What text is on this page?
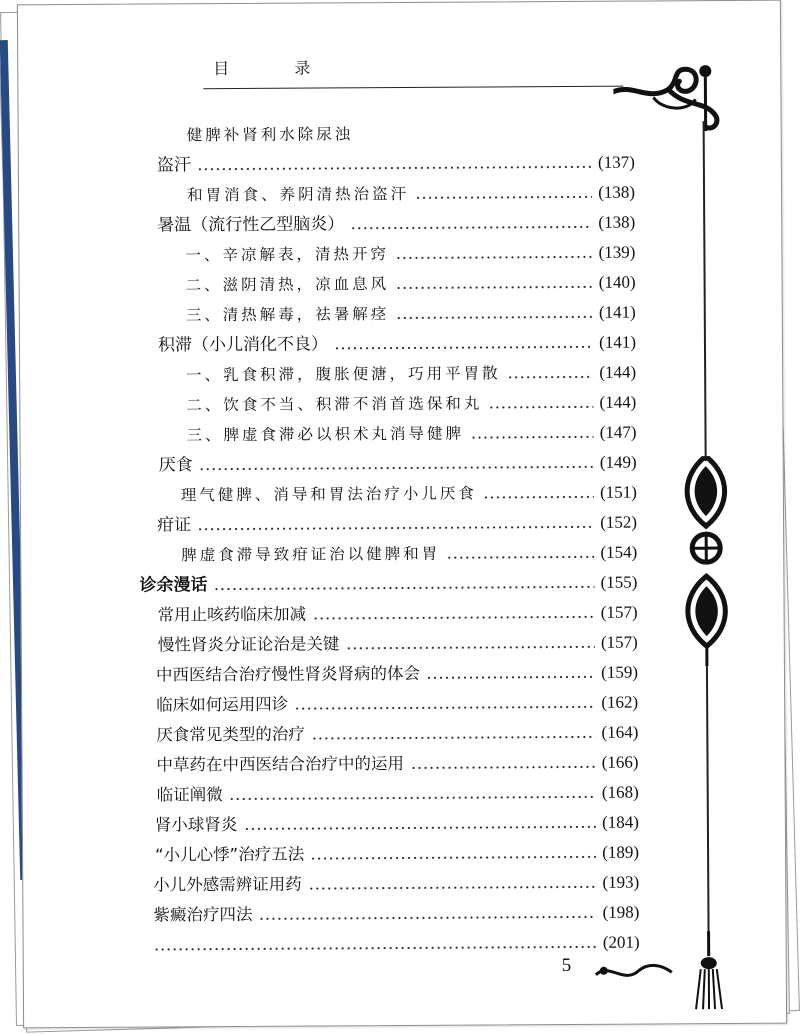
目 录
健脾补肾利水除尿浊
盗汗	(137)
和胃消食、养阴清热治盗汗	(138)
暑温（流行性乙型脑炎）	(138)
一、辛凉解表，清热开窍	(139)
二、滋阴清热，凉血息风	(140)
三、清热解毒，祛暑解痉	(141)
积滞（小儿消化不良）	(141)
一、乳食积滞，腹胀便溏，巧用平胃散	(144)
二、饮食不当、积滞不消首选保和丸	(144)
三、脾虚食滞必以枳术丸消导健脾	(147)
厌食	(149)
理气健脾、消导和胃法治疗小儿厌食	(151)
疳证	(152)
脾虚食滞导致疳证治以健脾和胃	(154)
诊余漫话	(155)
常用止咳药临床加减	(157)
慢性肾炎分证论治是关键	(157)
中西医结合治疗慢性肾炎肾病的体会	(159)
临床如何运用四诊	(162)
厌食常见类型的治疗	(164)
中草药在中西医结合治疗中的运用	(166)
临证阐微	(168)
肾小球肾炎	(184)
“小儿心悸”治疗五法	(189)
小儿外感需辨证用药	(193)
紫癜治疗四法	(198)
(201)
5
